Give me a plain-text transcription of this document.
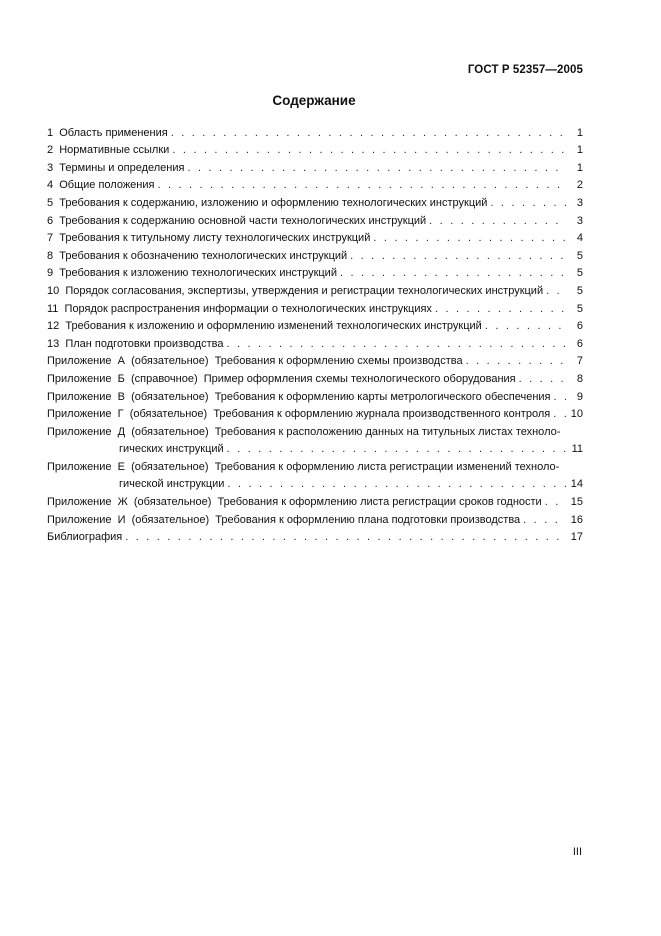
ГОСТ Р 52357—2005
Содержание
1  Область применения . . .	1
2  Нормативные ссылки . . .	1
3  Термины и определения . . .	1
4  Общие положения . . .	2
5  Требования к содержанию, изложению и оформлению технологических инструкций . . .	3
6  Требования к содержанию основной части технологических инструкций . . .	3
7  Требования к титульному листу технологических инструкций . . .	4
8  Требования к обозначению технологических инструкций . . .	5
9  Требования к изложению технологических инструкций . . .	5
10  Порядок согласования, экспертизы, утверждения и регистрации технологических инструкций . . .	5
11  Порядок распространения информации о технологических инструкциях . . .	5
12  Требования к изложению и оформлению изменений технологических инструкций . . .	6
13  План подготовки производства . . .	6
Приложение  А  (обязательное)  Требования к оформлению схемы производства . . .	7
Приложение  Б  (справочное)  Пример оформления схемы технологического оборудования . . .	8
Приложение  В  (обязательное)  Требования к оформлению карты метрологического обеспечения . . .	9
Приложение  Г  (обязательное)  Требования к оформлению журнала производственного контроля . . . 10
Приложение  Д  (обязательное)  Требования к расположению данных на титульных листах техноло-
гических инструкций . . .	11
Приложение  Е  (обязательное)  Требования к оформлению листа регистрации изменений техноло-
гической инструкции . . .	14
Приложение  Ж  (обязательное)  Требования к оформлению листа регистрации сроков годности . . .	15
Приложение  И  (обязательное)  Требования к оформлению плана подготовки производства . . .	16
Библиография . . .	17
III
